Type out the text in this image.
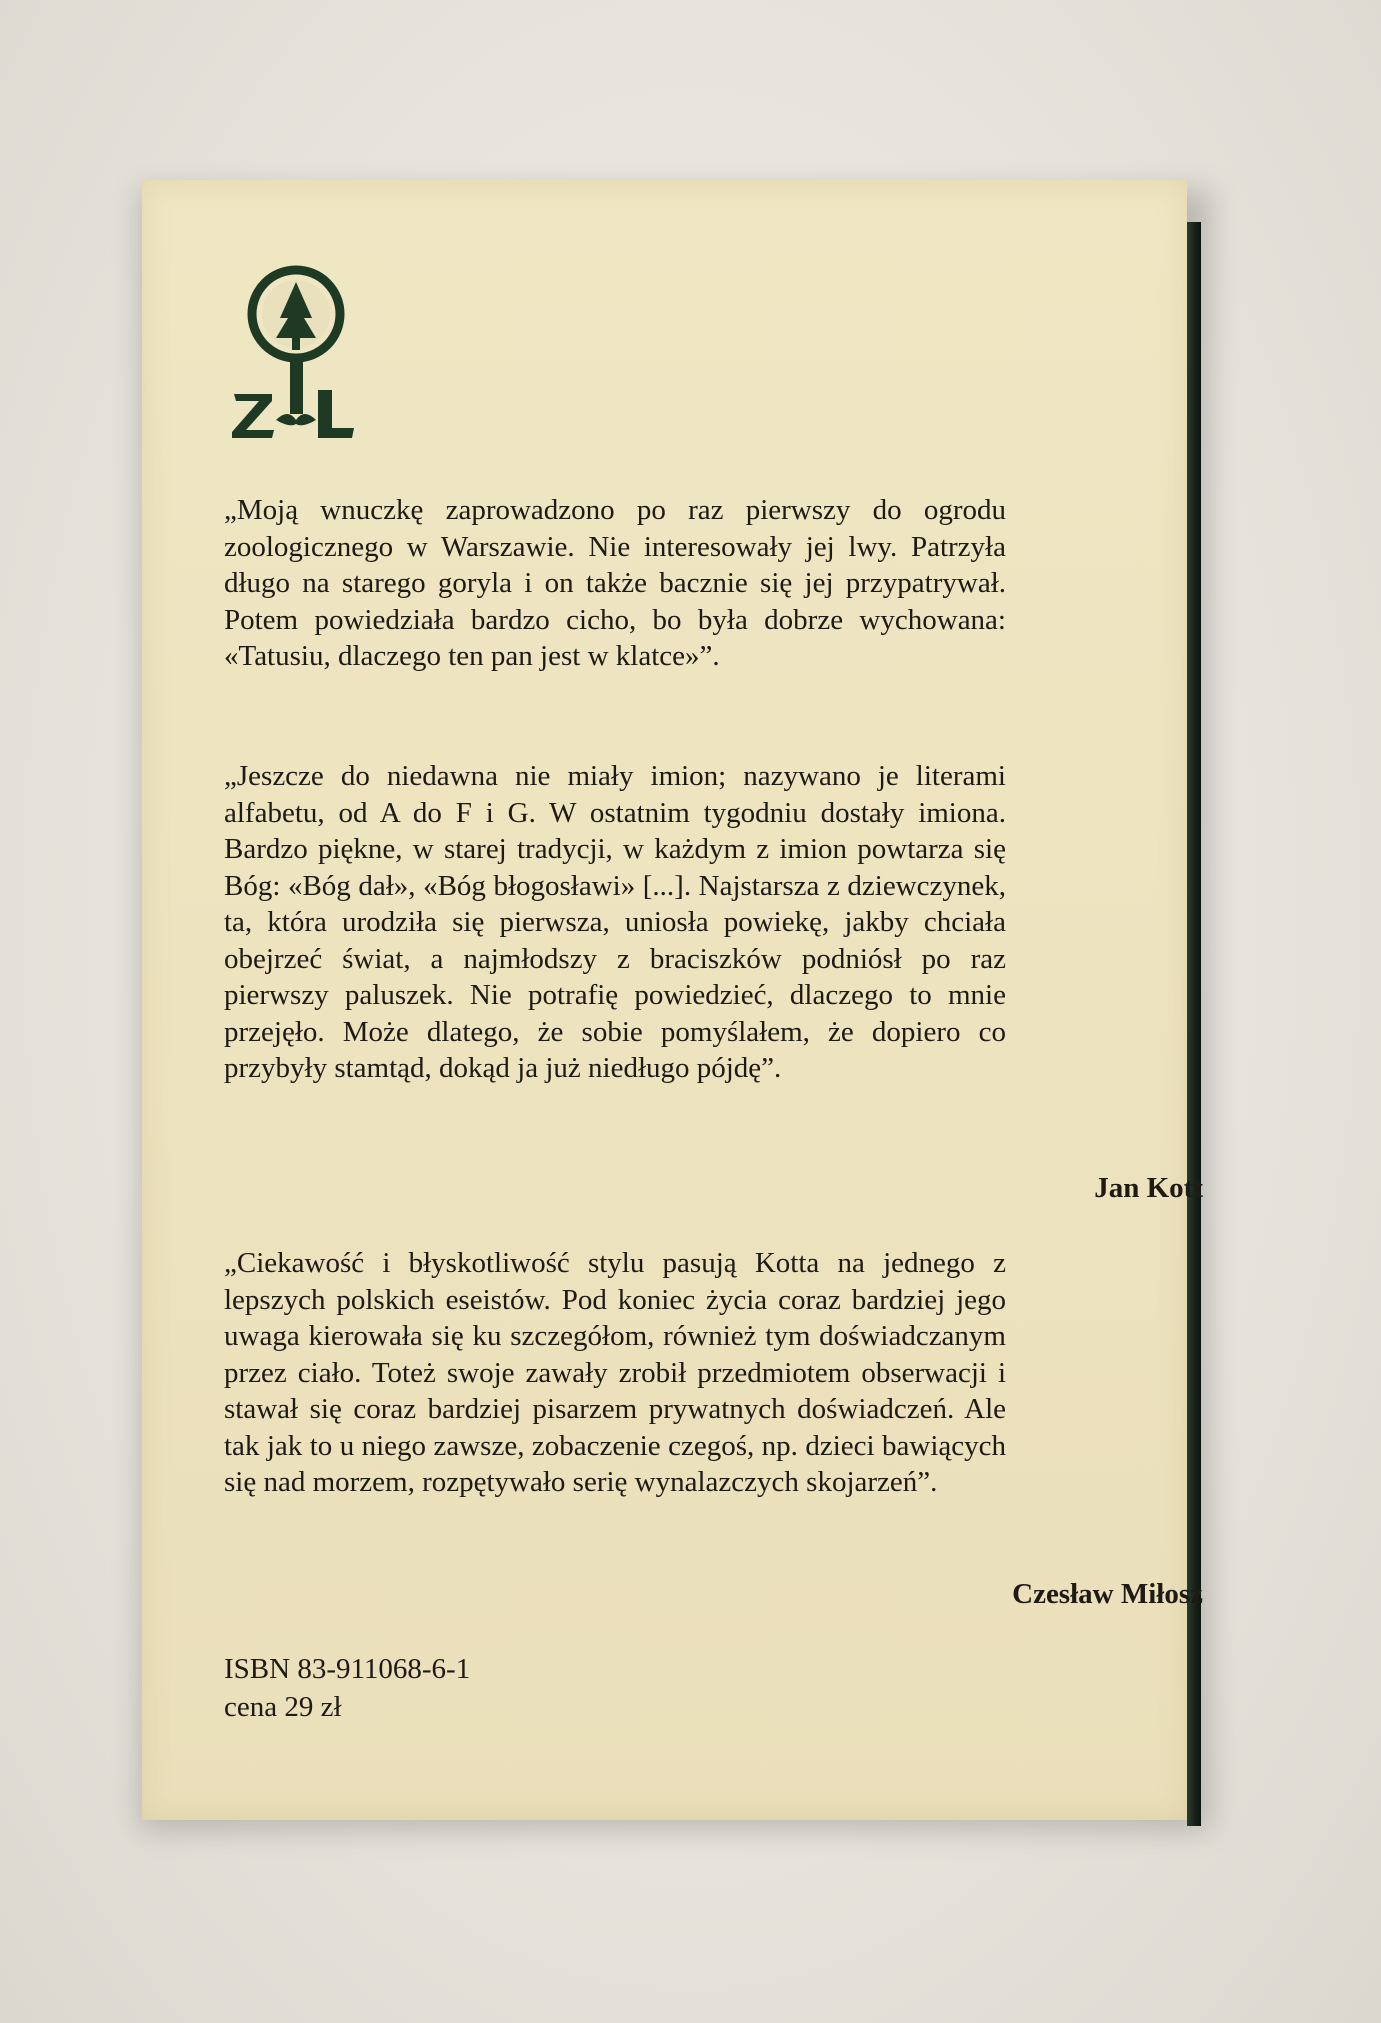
„Moją wnuczkę zaprowadzono po raz pierwszy do ogrodu zoologicznego w Warszawie. Nie interesowały jej lwy. Patrzyła długo na starego goryla i on także bacznie się jej przypatrywał. Potem powiedziała bardzo cicho, bo była dobrze wychowana: «Tatusiu, dlaczego ten pan jest w klatce»”.

„Jeszcze do niedawna nie miały imion; nazywano je literami alfabetu, od A do F i G. W ostatnim tygodniu dostały imiona. Bardzo piękne, w starej tradycji, w każdym z imion powtarza się Bóg: «Bóg dał», «Bóg błogosławi» [...]. Najstarsza z dziewczynek, ta, która urodziła się pierwsza, uniosła powiekę, jakby chciała obejrzeć świat, a najmłodszy z braciszków podniósł po raz pierwszy paluszek. Nie potrafię powiedzieć, dlaczego to mnie przejęło. Może dlatego, że sobie pomyślałem, że dopiero co przybyły stamtąd, dokąd ja już niedługo pójdę”.

Jan Kott

„Ciekawość i błyskotliwość stylu pasują Kotta na jednego z lepszych polskich eseistów. Pod koniec życia coraz bardziej jego uwaga kierowała się ku szczegółom, również tym doświadczanym przez ciało. Toteż swoje zawały zrobił przedmiotem obserwacji i stawał się coraz bardziej pisarzem prywatnych doświadczeń. Ale tak jak to u niego zawsze, zobaczenie czegoś, np. dzieci bawiących się nad morzem, rozpętywało serię wynalazczych skojarzeń”.

Czesław Miłosz
ISBN 83-911068-6-1
cena 29 zł
